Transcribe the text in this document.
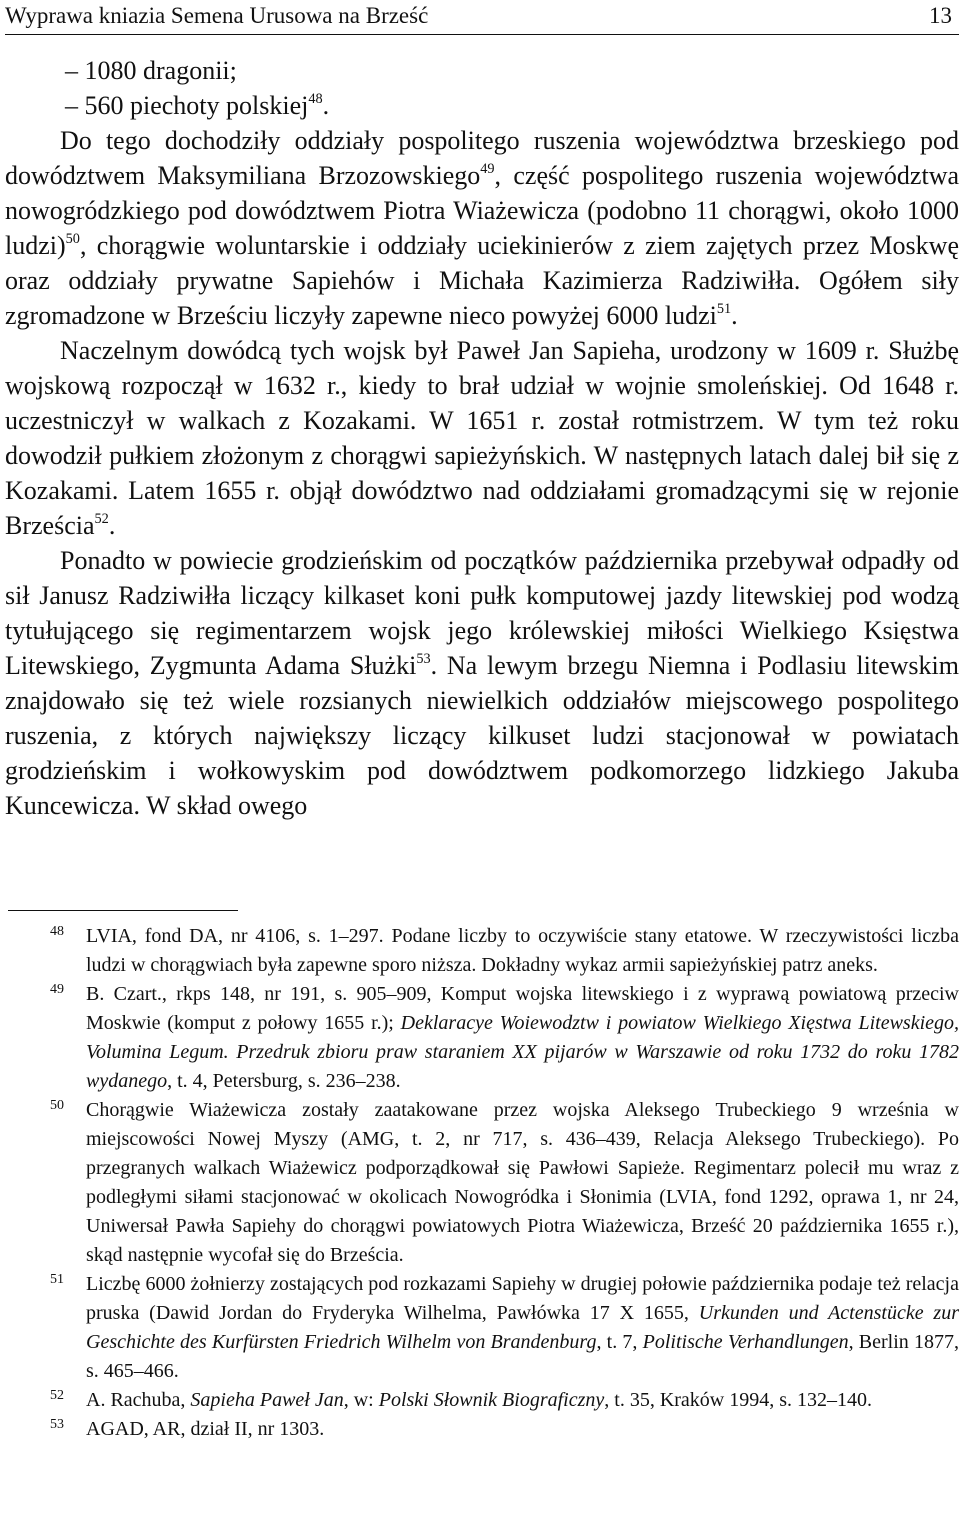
Wyprawa kniazia Semena Urusowa na Brześć	13

– 1080 dragonii;

– 560 piechoty polskiej$^{48}$.

Do tego dochodziły oddziały pospolitego ruszenia województwa brzeskiego pod dowództwem Maksymiliana Brzozowskiego$^{49}$, część pospolitego ruszenia województwa nowogródzkiego pod dowództwem Piotra Wiażewicza (podobno 11 chorągwi, około 1000 ludzi)$^{50}$, chorągwie woluntarskie i oddziały uciekinierów z ziem zajętych przez Moskwę oraz oddziały prywatne Sapiehów i Michała Kazimierza Radziwiłła. Ogółem siły zgromadzone w Brześciu liczyły zapewne nieco powyżej 6000 ludzi$^{51}$.

Naczelnym dowódcą tych wojsk był Paweł Jan Sapieha, urodzony w 1609 r. Służbę wojskową rozpoczął w 1632 r., kiedy to brał udział w wojnie smoleńskiej. Od 1648 r. uczestniczył w walkach z Kozakami. W 1651 r. został rotmistrzem. W tym też roku dowodził pułkiem złożonym z chorągwi sapieżyńskich. W następnych latach dalej bił się z Kozakami. Latem 1655 r. objął dowództwo nad oddziałami gromadzącymi się w rejonie Brześcia$^{52}$.

Ponadto w powiecie grodzieńskim od początków października przebywał odpadły od sił Janusz Radziwiłła liczący kilkaset koni pułk komputowej jazdy litewskiej pod wodzą tytułującego się regimentarzem wojsk jego królewskiej miłości Wielkiego Księstwa Litewskiego, Zygmunta Adama Służki$^{53}$. Na lewym brzegu Niemna i Podlasiu litewskim znajdowało się też wiele rozsianych niewielkich oddziałów miejscowego pospolitego ruszenia, z których największy liczący kilkuset ludzi stacjonował w powiatach grodzieńskim i wołkowyskim pod dowództwem podkomorzego lidzkiego Jakuba Kuncewicza. W skład owego

$^{48}$ LVIA, fond DA, nr 4106, s. 1–297. Podane liczby to oczywiście stany etatowe. W rzeczywistości liczba ludzi w chorągwiach była zapewne sporo niższa. Dokładny wykaz armii sapieżyńskiej patrz aneks.

$^{49}$ B. Czart., rkps 148, nr 191, s. 905–909, Komput wojska litewskiego i z wyprawą powiatową przeciw Moskwie (komput z połowy 1655 r.); Deklaracye Woiewodztw i powiatow Wielkiego Xięstwa Litewskiego, Volumina Legum. Przedruk zbioru praw staraniem XX pijarów w Warszawie od roku 1732 do roku 1782 wydanego, t. 4, Petersburg, s. 236–238.

$^{50}$ Chorągwie Wiażewicza zostały zaatakowane przez wojska Aleksego Trubeckiego 9 września w miejscowości Nowej Myszy (AMG, t. 2, nr 717, s. 436–439, Relacja Aleksego Trubeckiego). Po przegranych walkach Wiażewicz podporządkował się Pawłowi Sapieże. Regimentarz polecił mu wraz z podległymi siłami stacjonować w okolicach Nowogródka i Słonimia (LVIA, fond 1292, oprawa 1, nr 24, Uniwersał Pawła Sapiehy do chorągwi powiatowych Piotra Wiażewicza, Brześć 20 października 1655 r.), skąd następnie wycofał się do Brześcia.

$^{51}$ Liczbę 6000 żołnierzy zostających pod rozkazami Sapiehy w drugiej połowie października podaje też relacja pruska (Dawid Jordan do Fryderyka Wilhelma, Pawłówka 17 X 1655, Urkunden und Actenstücke zur Geschichte des Kurfürsten Friedrich Wilhelm von Brandenburg, t. 7, Politische Verhandlungen, Berlin 1877, s. 465–466.

$^{52}$ A. Rachuba, Sapieha Paweł Jan, w: Polski Słownik Biograficzny, t. 35, Kraków 1994, s. 132–140.

$^{53}$ AGAD, AR, dział II, nr 1303.
